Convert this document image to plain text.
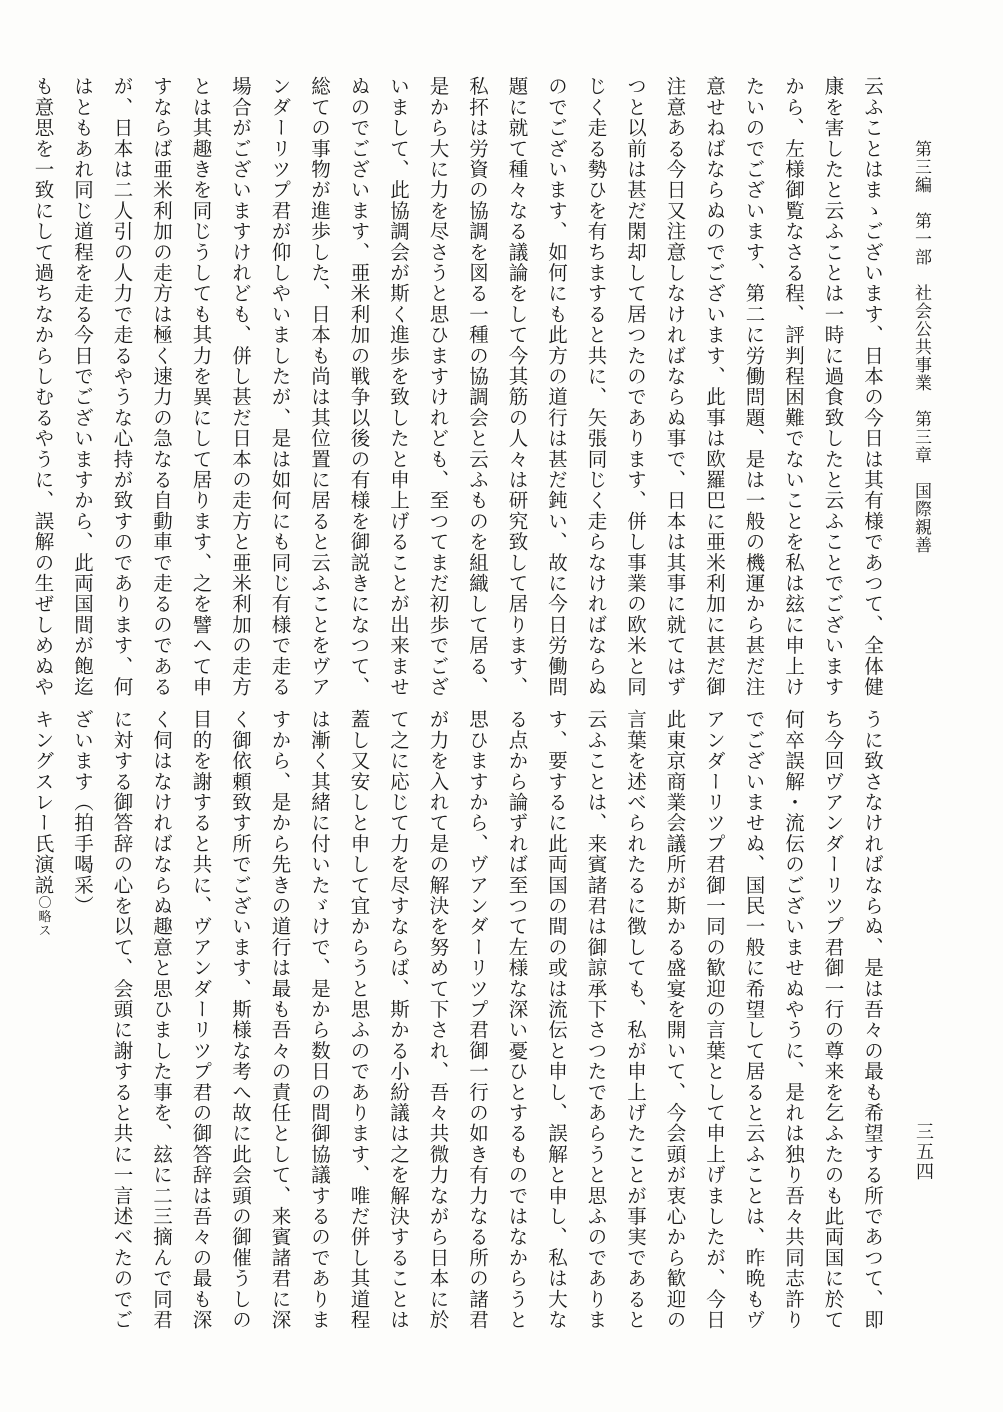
第三編　第一部　社会公共事業　第三章　国際親善
三五四
云ふことはまゝございます、日本の今日は其有様であつて、全体健
康を害したと云ふことは一時に過食致したと云ふことでございます
から、左様御覧なさる程、評判程困難でないことを私は玆に申上け
たいのでございます、第二に労働問題、是は一般の機運から甚だ注
意せねばならぬのでございます、此事は欧羅巴に亜米利加に甚だ御
注意ある今日又注意しなければならぬ事で、日本は其事に就てはず
つと以前は甚だ閑却して居つたのであります、併し事業の欧米と同
じく走る勢ひを有ちますると共に、矢張同じく走らなければならぬ
のでございます、如何にも此方の道行は甚だ鈍い、故に今日労働問
題に就て種々なる議論をして今其筋の人々は研究致して居ります、
私抔は労資の協調を図る一種の協調会と云ふものを組織して居る、
是から大に力を尽さうと思ひますけれども、至つてまだ初歩でござ
いまして、此協調会が斯く進歩を致したと申上げることが出来ませ
ぬのでございます、亜米利加の戦争以後の有様を御説きになつて、
総ての事物が進歩した、日本も尚は其位置に居ると云ふことをヴア
ンダーリツプ君が仰しやいましたが、是は如何にも同じ有様で走る
場合がございますけれども、併し甚だ日本の走方と亜米利加の走方
とは其趣きを同じうしても其力を異にして居ります、之を譬へて申
すならば亜米利加の走方は極く速力の急なる自動車で走るのである
が、日本は二人引の人力で走るやうな心持が致すのであります、何
はともあれ同じ道程を走る今日でございますから、此両国間が飽迄
も意思を一致にして過ちなからしむるやうに、誤解の生ぜしめぬや
うに致さなければならぬ、是は吾々の最も希望する所であつて、即
ち今回ヴアンダーリツプ君御一行の尊来を乞ふたのも此両国に於て
何卒誤解・流伝のございませぬやうに、是れは独り吾々共同志許り
でございませぬ、国民一般に希望して居ると云ふことは、昨晩もヴ
アンダーリツプ君御一同の歓迎の言葉として申上げましたが、今日
此東京商業会議所が斯かる盛宴を開いて、今会頭が衷心から歓迎の
言葉を述べられたるに徴しても、私が申上げたことが事実であると
云ふことは、来賓諸君は御諒承下さつたであらうと思ふのでありま
す、要するに此両国の間の或は流伝と申し、誤解と申し、私は大な
る点から論ずれば至つて左様な深い憂ひとするものではなからうと
思ひますから、ヴアンダーリツプ君御一行の如き有力なる所の諸君
が力を入れて是の解決を努めて下され、吾々共微力ながら日本に於
て之に応じて力を尽すならば、斯かる小紛議は之を解決することは
蓋し又安しと申して宜からうと思ふのであります、唯だ併し其道程
は漸く其緒に付いたゞけで、是から数日の間御協議するのでありま
すから、是から先きの道行は最も吾々の責任として、来賓諸君に深
く御依頼致す所でございます、斯様な考へ故に此会頭の御催うしの
目的を謝すると共に、ヴアンダーリツプ君の御答辞は吾々の最も深
く伺はなければならぬ趣意と思ひました事を、玆に二三摘んで同君
に対する御答辞の心を以て、会頭に謝すると共に一言述べたのでご
ざいます（拍手喝采）
キングスレー氏演説〇略ス
